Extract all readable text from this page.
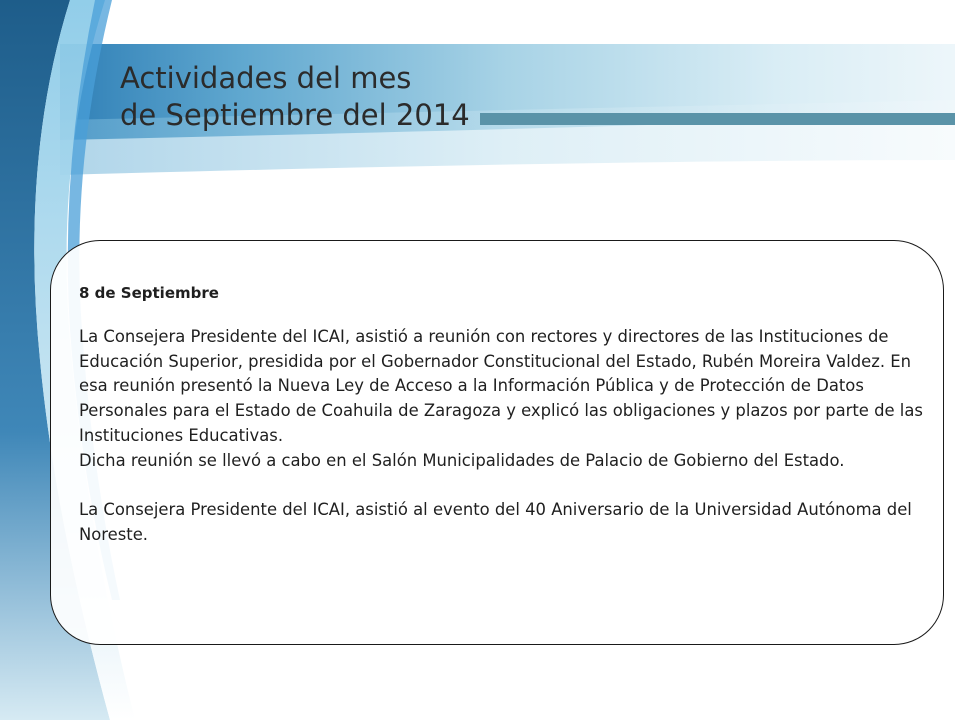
Actividades del mes
de Septiembre del 2014

8 de Septiembre

La Consejera Presidente del ICAI, asistió a reunión con rectores y directores de las Instituciones de Educación Superior, presidida por el Gobernador Constitucional del Estado, Rubén Moreira Valdez. En esa reunión presentó la Nueva Ley de Acceso a la Información Pública y de Protección de Datos Personales para el Estado de Coahuila de Zaragoza y explicó las obligaciones y plazos por parte de las Instituciones Educativas.

Dicha reunión se llevó a cabo en el Salón Municipalidades de Palacio de Gobierno del Estado.

La Consejera Presidente del ICAI, asistió al evento del 40 Aniversario de la Universidad Autónoma del Noreste.
